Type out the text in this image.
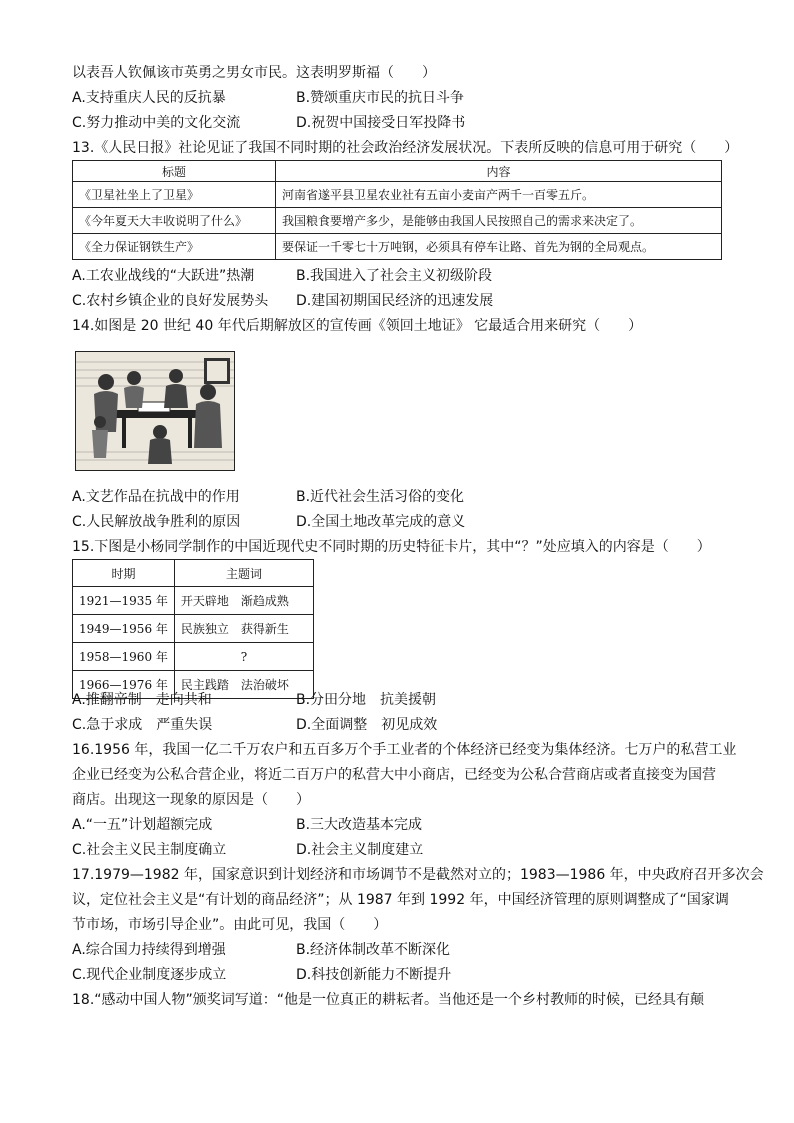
以表吾人钦佩该市英勇之男女市民。这表明罗斯福（　　）
A.支持重庆人民的反抗暴	B.赞颂重庆市民的抗日斗争
C.努力推动中美的文化交流	D.祝贺中国接受日军投降书
13.《人民日报》社论见证了我国不同时期的社会政治经济发展状况。下表所反映的信息可用于研究（　　）
标题	内容
《卫星社坐上了卫星》	河南省遂平县卫星农业社有五亩小麦亩产两千一百零五斤。
《今年夏天大丰收说明了什么》	我国粮食要增产多少，是能够由我国人民按照自己的需求来决定了。
《全力保证钢铁生产》	要保证一千零七十万吨钢，必须具有停车让路、首先为钢的全局观点。
A.工农业战线的“大跃进”热潮	B.我国进入了社会主义初级阶段
C.农村乡镇企业的良好发展势头 D.建国初期国民经济的迅速发展
14.如图是 20 世纪 40 年代后期解放区的宣传画《领回土地证》 它最适合用来研究（　　）
A.文艺作品在抗战中的作用	B.近代社会生活习俗的变化
C.人民解放战争胜利的原因	D.全国土地改革完成的意义
15.下图是小杨同学制作的中国近现代史不同时期的历史特征卡片，其中“？”处应填入的内容是（　　）
时期	主题词
1921—1935 年	开天辟地　渐趋成熟
1949—1956 年	民族独立　获得新生
1958—1960 年	?
1966—1976 年	民主践踏　法治破坏
A.推翻帝制　走向共和	B.分田分地　抗美援朝
C.急于求成　严重失误	D.全面调整　初见成效
16.1956 年，我国一亿二千万农户和五百多万个手工业者的个体经济已经变为集体经济。七万户的私营工业
企业已经变为公私合营企业，将近二百万户的私营大中小商店，已经变为公私合营商店或者直接变为国营
商店。出现这一现象的原因是（　　）
A.“一五”计划超额完成	B.三大改造基本完成
C.社会主义民主制度确立	D.社会主义制度建立
17.1979—1982 年，国家意识到计划经济和市场调节不是截然对立的；1983—1986 年，中央政府召开多次会
议，定位社会主义是“有计划的商品经济”；从 1987 年到 1992 年，中国经济管理的原则调整成了“国家调
节市场，市场引导企业”。由此可见，我国（　　）
A.综合国力持续得到增强	B.经济体制改革不断深化
C.现代企业制度逐步成立	D.科技创新能力不断提升
18.“感动中国人物”颁奖词写道：“他是一位真正的耕耘者。当他还是一个乡村教师的时候，已经具有颠
